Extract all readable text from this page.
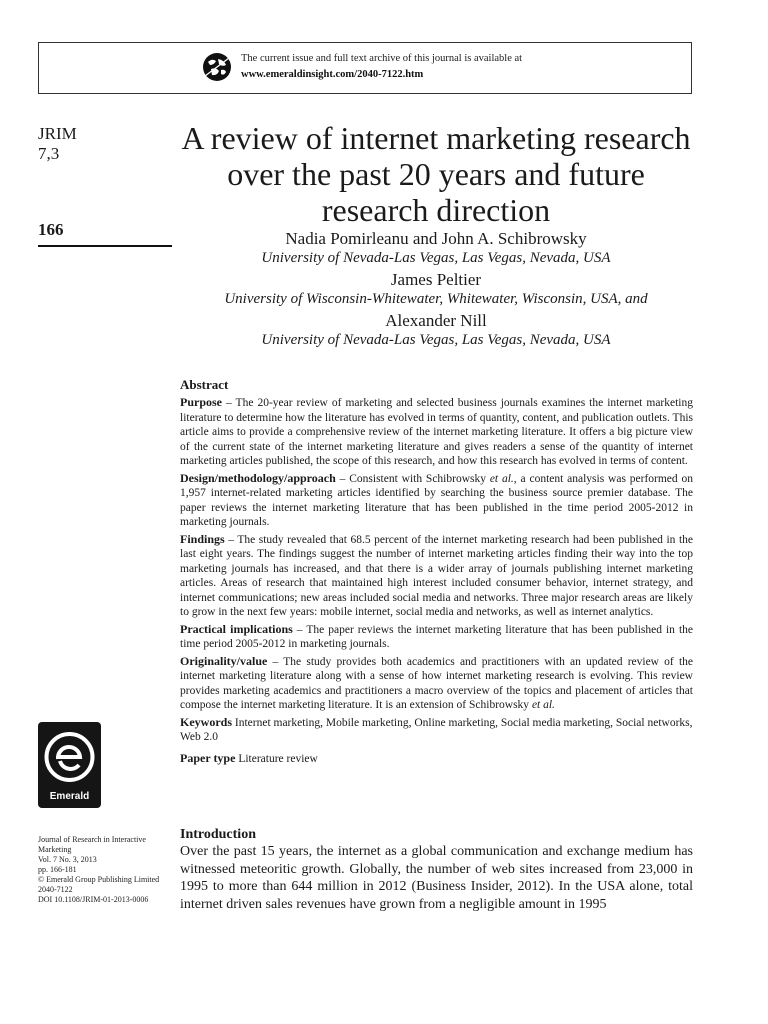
The current issue and full text archive of this journal is available at
www.emeraldinsight.com/2040-7122.htm
JRIM
7,3
166
A review of internet marketing research over the past 20 years and future research direction
Nadia Pomirleanu and John A. Schibrowsky
University of Nevada-Las Vegas, Las Vegas, Nevada, USA
James Peltier
University of Wisconsin-Whitewater, Whitewater, Wisconsin, USA, and
Alexander Nill
University of Nevada-Las Vegas, Las Vegas, Nevada, USA
Abstract

Purpose – The 20-year review of marketing and selected business journals examines the internet marketing literature to determine how the literature has evolved in terms of quantity, content, and publication outlets. This article aims to provide a comprehensive review of the internet marketing literature. It offers a big picture view of the current state of the internet marketing literature and gives readers a sense of the quantity of internet marketing articles published, the scope of this research, and how this research has evolved in terms of content.

Design/methodology/approach – Consistent with Schibrowsky et al., a content analysis was performed on 1,957 internet-related marketing articles identified by searching the business source premier database. The paper reviews the internet marketing literature that has been published in the time period 2005-2012 in marketing journals.

Findings – The study revealed that 68.5 percent of the internet marketing research had been published in the last eight years. The findings suggest the number of internet marketing articles finding their way into the top marketing journals has increased, and that there is a wider array of journals publishing internet marketing articles. Areas of research that maintained high interest included consumer behavior, internet strategy, and internet communications; new areas included social media and networks. Three major research areas are likely to grow in the next few years: mobile internet, social media and networks, as well as internet analytics.

Practical implications – The paper reviews the internet marketing literature that has been published in the time period 2005-2012 in marketing journals.

Originality/value – The study provides both academics and practitioners with an updated review of the internet marketing literature along with a sense of how internet marketing research is evolving. This review provides marketing academics and practitioners a macro overview of the topics and placement of articles that compose the internet marketing literature. It is an extension of Schibrowsky et al.

Keywords Internet marketing, Mobile marketing, Online marketing, Social media marketing, Social networks, Web 2.0

Paper type Literature review

Emerald
Journal of Research in Interactive
Marketing
Vol. 7 No. 3, 2013
pp. 166-181
© Emerald Group Publishing Limited
2040-7122
DOI 10.1108/JRIM-01-2013-0006
Introduction

Over the past 15 years, the internet as a global communication and exchange medium has witnessed meteoritic growth. Globally, the number of web sites increased from 23,000 in 1995 to more than 644 million in 2012 (Business Insider, 2012). In the USA alone, total internet driven sales revenues have grown from a negligible amount in 1995
